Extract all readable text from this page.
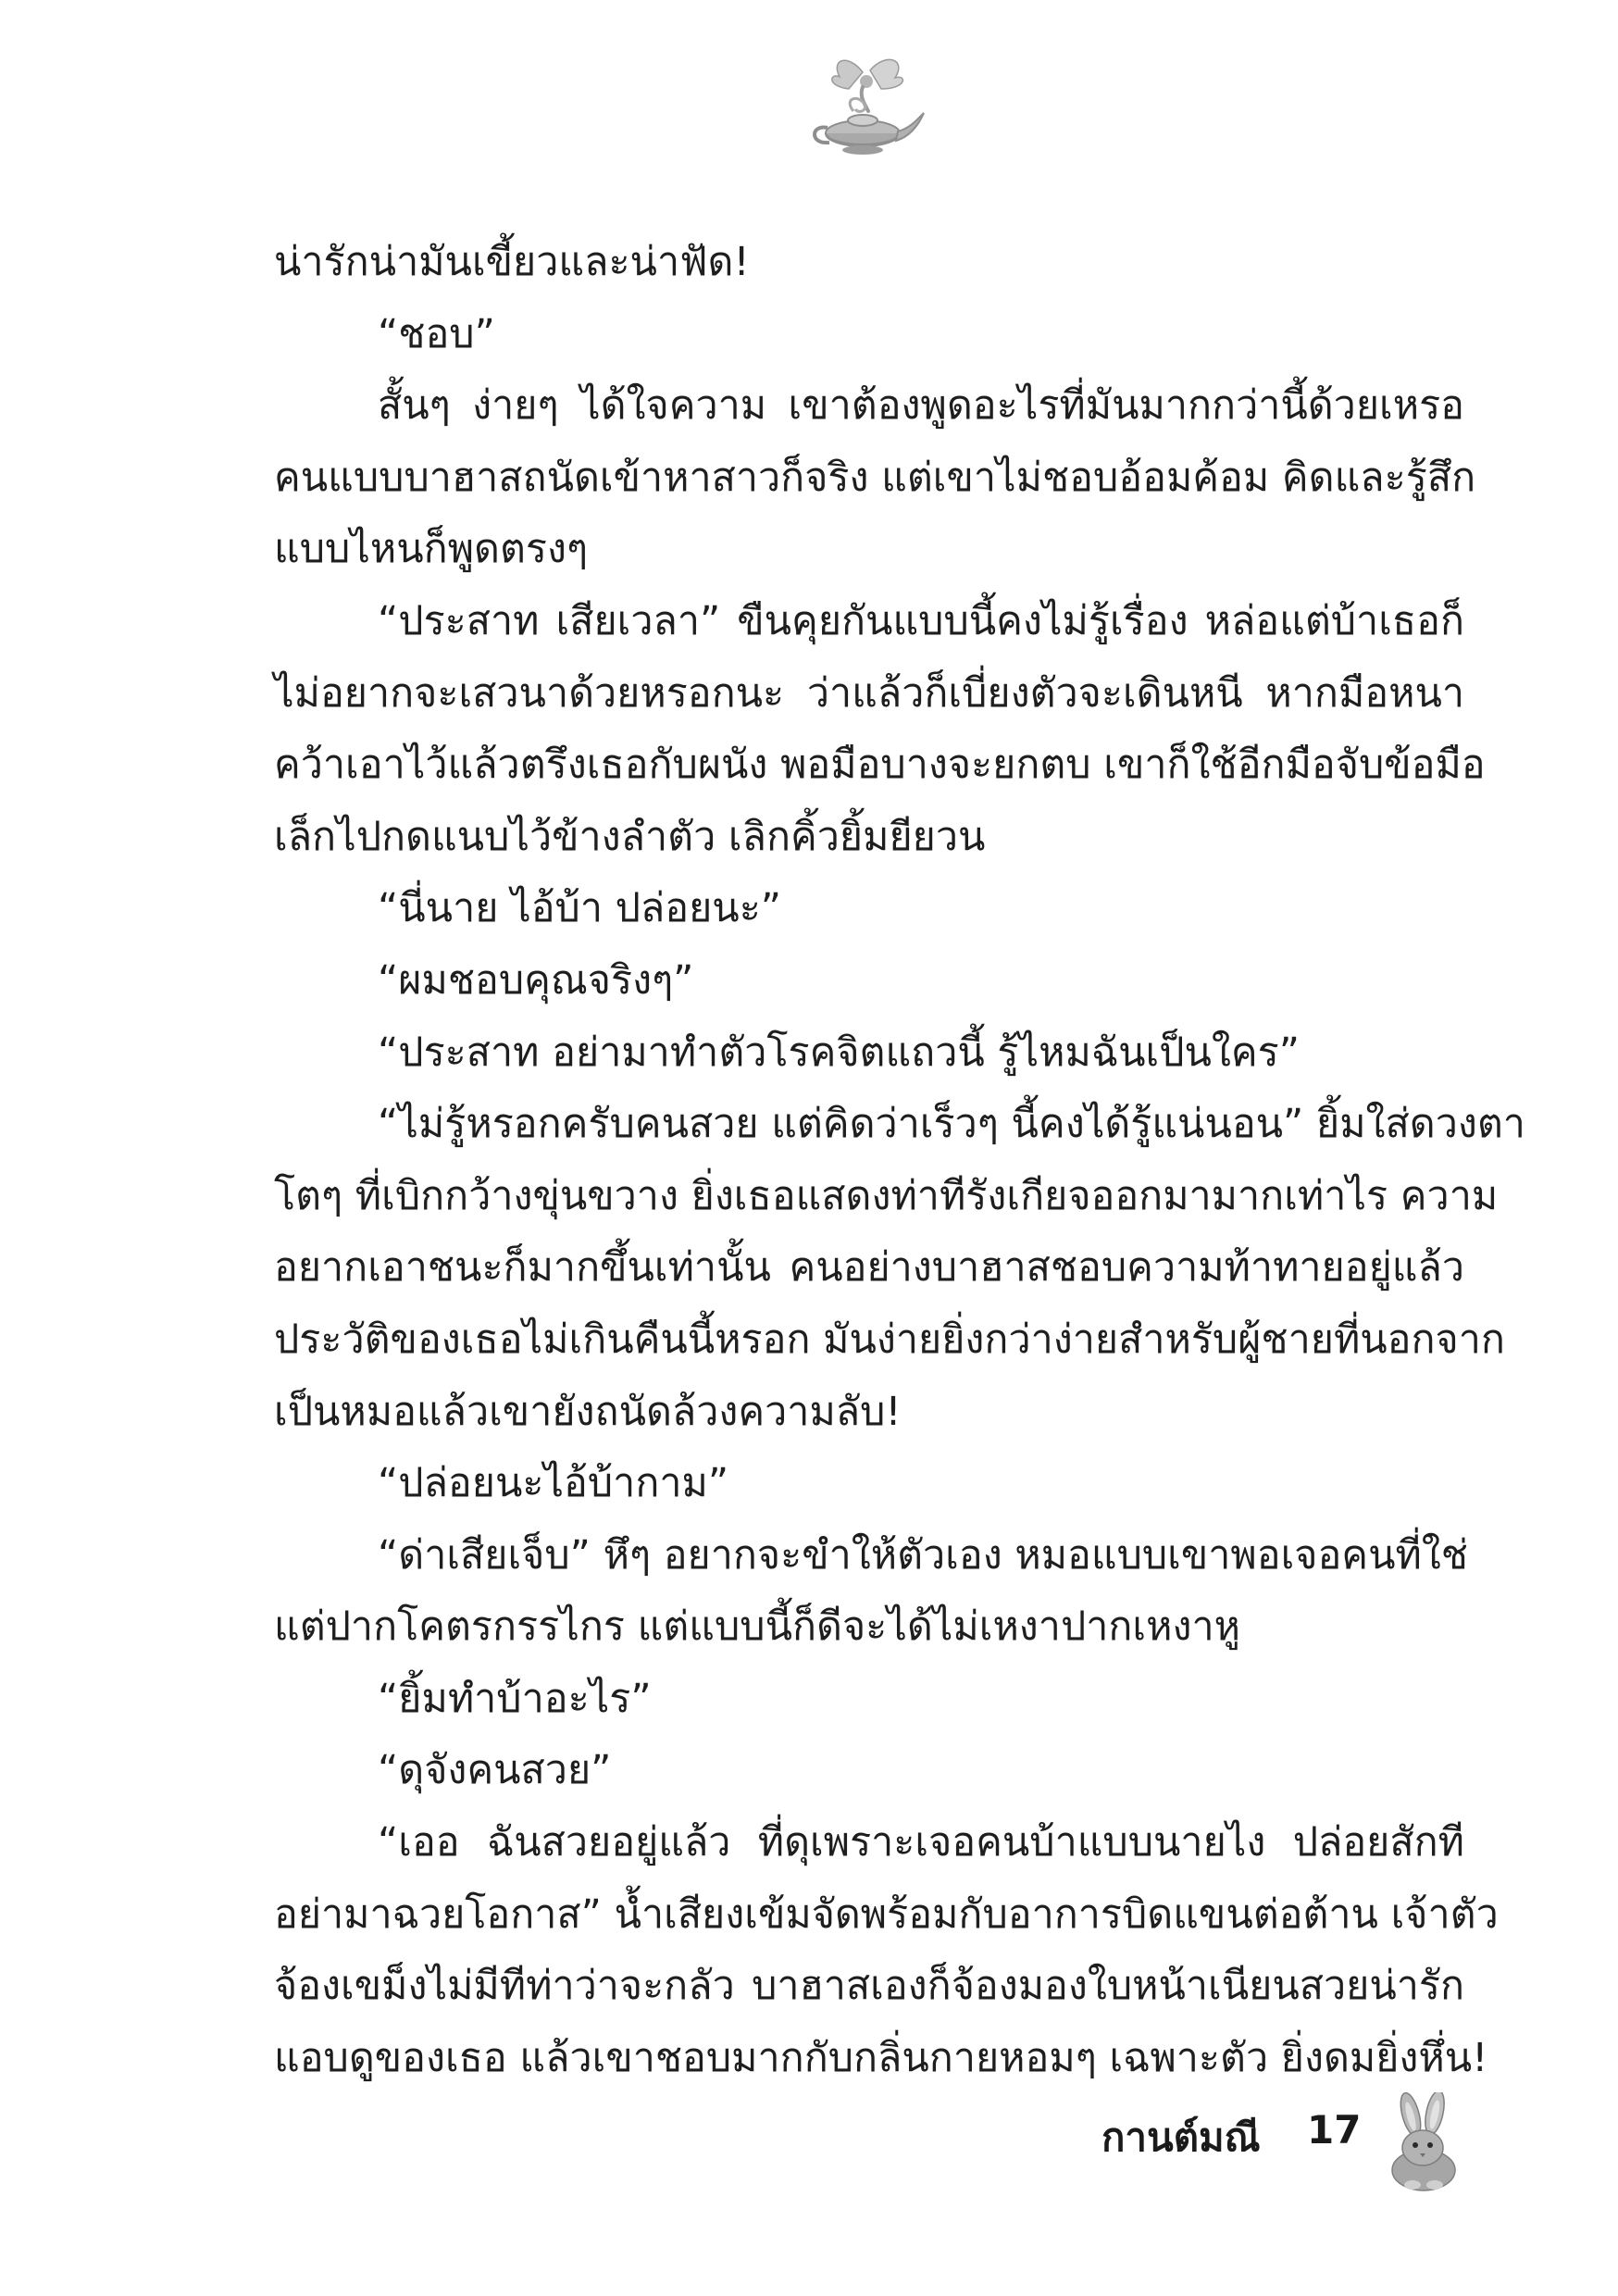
น่ารักน่ามันเขี้ยวและน่าฟัด!
“ชอบ”
สั้นๆ ง่ายๆ ได้ใจความ เขาต้องพูดอะไรที่มันมากกว่านี้ด้วยเหรอ
คนแบบบาฮาสถนัดเข้าหาสาวก็จริง แต่เขาไม่ชอบอ้อมค้อม คิดและรู้สึก
แบบไหนก็พูดตรงๆ
“ประสาท เสียเวลา” ขืนคุยกันแบบนี้คงไม่รู้เรื่อง หล่อแต่บ้าเธอก็
ไม่อยากจะเสวนาด้วยหรอกนะ ว่าแล้วก็เบี่ยงตัวจะเดินหนี หากมือหนา
คว้าเอาไว้แล้วตรึงเธอกับผนัง พอมือบางจะยกตบ เขาก็ใช้อีกมือจับข้อมือ
เล็กไปกดแนบไว้ข้างลำตัว เลิกคิ้วยิ้มยียวน
“นี่นาย ไอ้บ้า ปล่อยนะ”
“ผมชอบคุณจริงๆ”
“ประสาท อย่ามาทำตัวโรคจิตแถวนี้ รู้ไหมฉันเป็นใคร”
“ไม่รู้หรอกครับคนสวย แต่คิดว่าเร็วๆ นี้คงได้รู้แน่นอน” ยิ้มใส่ดวงตา
โตๆ ที่เบิกกว้างขุ่นขวาง ยิ่งเธอแสดงท่าทีรังเกียจออกมามากเท่าไร ความ
อยากเอาชนะก็มากขึ้นเท่านั้น คนอย่างบาฮาสชอบความท้าทายอยู่แล้ว
ประวัติของเธอไม่เกินคืนนี้หรอก มันง่ายยิ่งกว่าง่ายสำหรับผู้ชายที่นอกจาก
เป็นหมอแล้วเขายังถนัดล้วงความลับ!
“ปล่อยนะไอ้บ้ากาม”
“ด่าเสียเจ็บ” หึๆ อยากจะขำให้ตัวเอง หมอแบบเขาพอเจอคนที่ใช่
แต่ปากโคตรกรรไกร แต่แบบนี้ก็ดีจะได้ไม่เหงาปากเหงาหู
“ยิ้มทำบ้าอะไร”
“ดุจังคนสวย”
“เออ ฉันสวยอยู่แล้ว ที่ดุเพราะเจอคนบ้าแบบนายไง ปล่อยสักที
อย่ามาฉวยโอกาส” น้ำเสียงเข้มจัดพร้อมกับอาการบิดแขนต่อต้าน เจ้าตัว
จ้องเขม็งไม่มีทีท่าว่าจะกลัว บาฮาสเองก็จ้องมองใบหน้าเนียนสวยน่ารัก
แอบดูของเธอ แล้วเขาชอบมากกับกลิ่นกายหอมๆ เฉพาะตัว ยิ่งดมยิ่งหึ่น!
กานต์มณี 17
